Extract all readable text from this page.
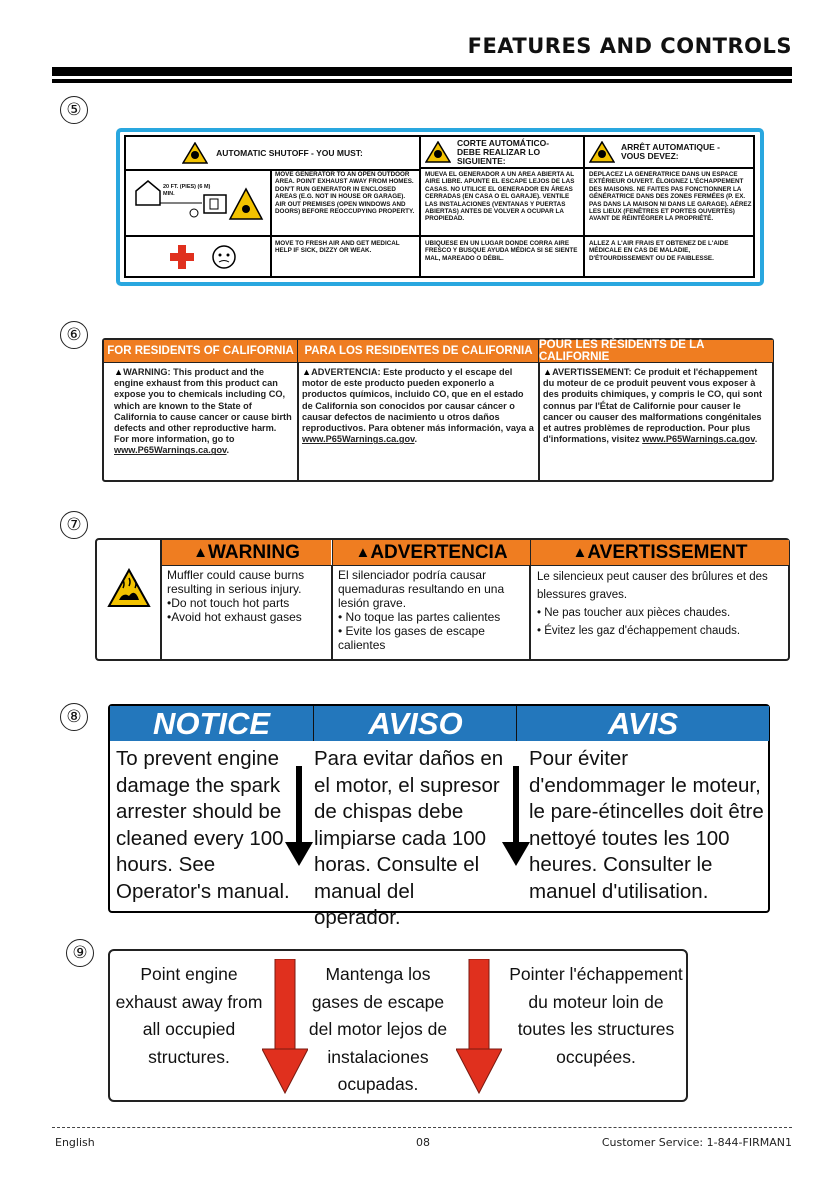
FEATURES AND CONTROLS
⑤
AUTOMATIC SHUTOFF - YOU MUST:
CORTE AUTOMÁTICO-DEBE REALIZAR LO SIGUIENTE:
ARRÊT AUTOMATIQUE - VOUS DEVEZ:
20 FT. (PIES) (6 M) MIN.
MOVE GENERATOR TO AN OPEN OUTDOOR AREA. POINT EXHAUST AWAY FROM HOMES. DON'T RUN GENERATOR IN ENCLOSED AREAS (E.G. NOT IN HOUSE OR GARAGE). AIR OUT PREMISES (OPEN WINDOWS AND DOORS) BEFORE REOCCUPYING PROPERTY.
MUEVA EL GENERADOR A UN ÁREA ABIERTA AL AIRE LIBRE. APUNTE EL ESCAPE LEJOS DE LAS CASAS. NO UTILICE EL GENERADOR EN ÁREAS CERRADAS (EN CASA O EL GARAJE). VENTILE LAS INSTALACIONES (VENTANAS Y PUERTAS ABIERTAS) ANTES DE VOLVER A OCUPAR LA PROPIEDAD.
DÉPLACEZ LA GÉNÉRATRICE DANS UN ESPACE EXTÉRIEUR OUVERT. ÉLOIGNEZ L'ÉCHAPPEMENT DES MAISONS. NE FAITES PAS FONCTIONNER LA GÉNÉRATRICE DANS DES ZONES FERMÉES (P. EX. PAS DANS LA MAISON NI DANS LE GARAGE). AÉREZ LES LIEUX (FENÊTRES ET PORTES OUVERTES) AVANT DE RÉINTÉGRER LA PROPRIÉTÉ.
MOVE TO FRESH AIR AND GET MEDICAL HELP IF SICK, DIZZY OR WEAK.
UBÍQUESE EN UN LUGAR DONDE CORRA AIRE FRESCO Y BUSQUE AYUDA MÉDICA SI SE SIENTE MAL, MAREADO O DÉBIL.
ALLEZ À L'AIR FRAIS ET OBTENEZ DE L'AIDE MÉDICALE EN CAS DE MALADIE, D'ÉTOURDISSEMENT OU DE FAIBLESSE.
⑥
FOR RESIDENTS OF CALIFORNIA PARA LOS RESIDENTES DE CALIFORNIA POUR LES RÉSIDENTS DE LA CALIFORNIE
▲WARNING: This product and the engine exhaust from this product can expose you to chemicals including CO, which are known to the State of California to cause cancer or cause birth defects and other reproductive harm. For more information, go to www.P65Warnings.ca.gov.
▲ADVERTENCIA: Este producto y el escape del motor de este producto pueden exponerlo a productos químicos, incluido CO, que en el estado de California son conocidos por causar cáncer o causar defectos de nacimiento u otros daños reproductivos. Para obtener más información, vaya a www.P65Warnings.ca.gov.
▲AVERTISSEMENT: Ce produit et l'échappement du moteur de ce produit peuvent vous exposer à des produits chimiques, y compris le CO, qui sont connus par l'État de Californie pour causer le cancer ou causer des malformations congénitales et autres problèmes de reproduction. Pour plus d'informations, visitez www.P65Warnings.ca.gov.
⑦
▲ WARNING	▲ ADVERTENCIA	▲ AVERTISSEMENT
Muffler could cause burns resulting in serious injury.
•Do not touch hot parts
•Avoid hot exhaust gases
El silenciador podría causar quemaduras resultando en una lesión grave.
• No toque las partes calientes
• Evite los gases de escape calientes
Le silencieux peut causer des brûlures et des blessures graves.
• Ne pas toucher aux pièces chaudes.
• Évitez les gaz d'échappement chauds.
⑧	NOTICE	AVISO	AVIS
To prevent engine damage the spark arrester should be cleaned every 100 hours. See Operator's manual.
Para evitar daños en el motor, el supresor de chispas debe limpiarse cada 100 horas. Consulte el manual del operador.
Pour éviter d'endommager le moteur, le pare-étincelles doit être nettoyé toutes les 100 heures. Consulter le manuel d'utilisation.
⑨
Point engine exhaust away from all occupied structures.
Mantenga los gases de escape del motor lejos de instalaciones ocupadas.
Pointer l'échappement du moteur loin de toutes les structures occupées.
English	08	Customer Service: 1-844-FIRMAN1
